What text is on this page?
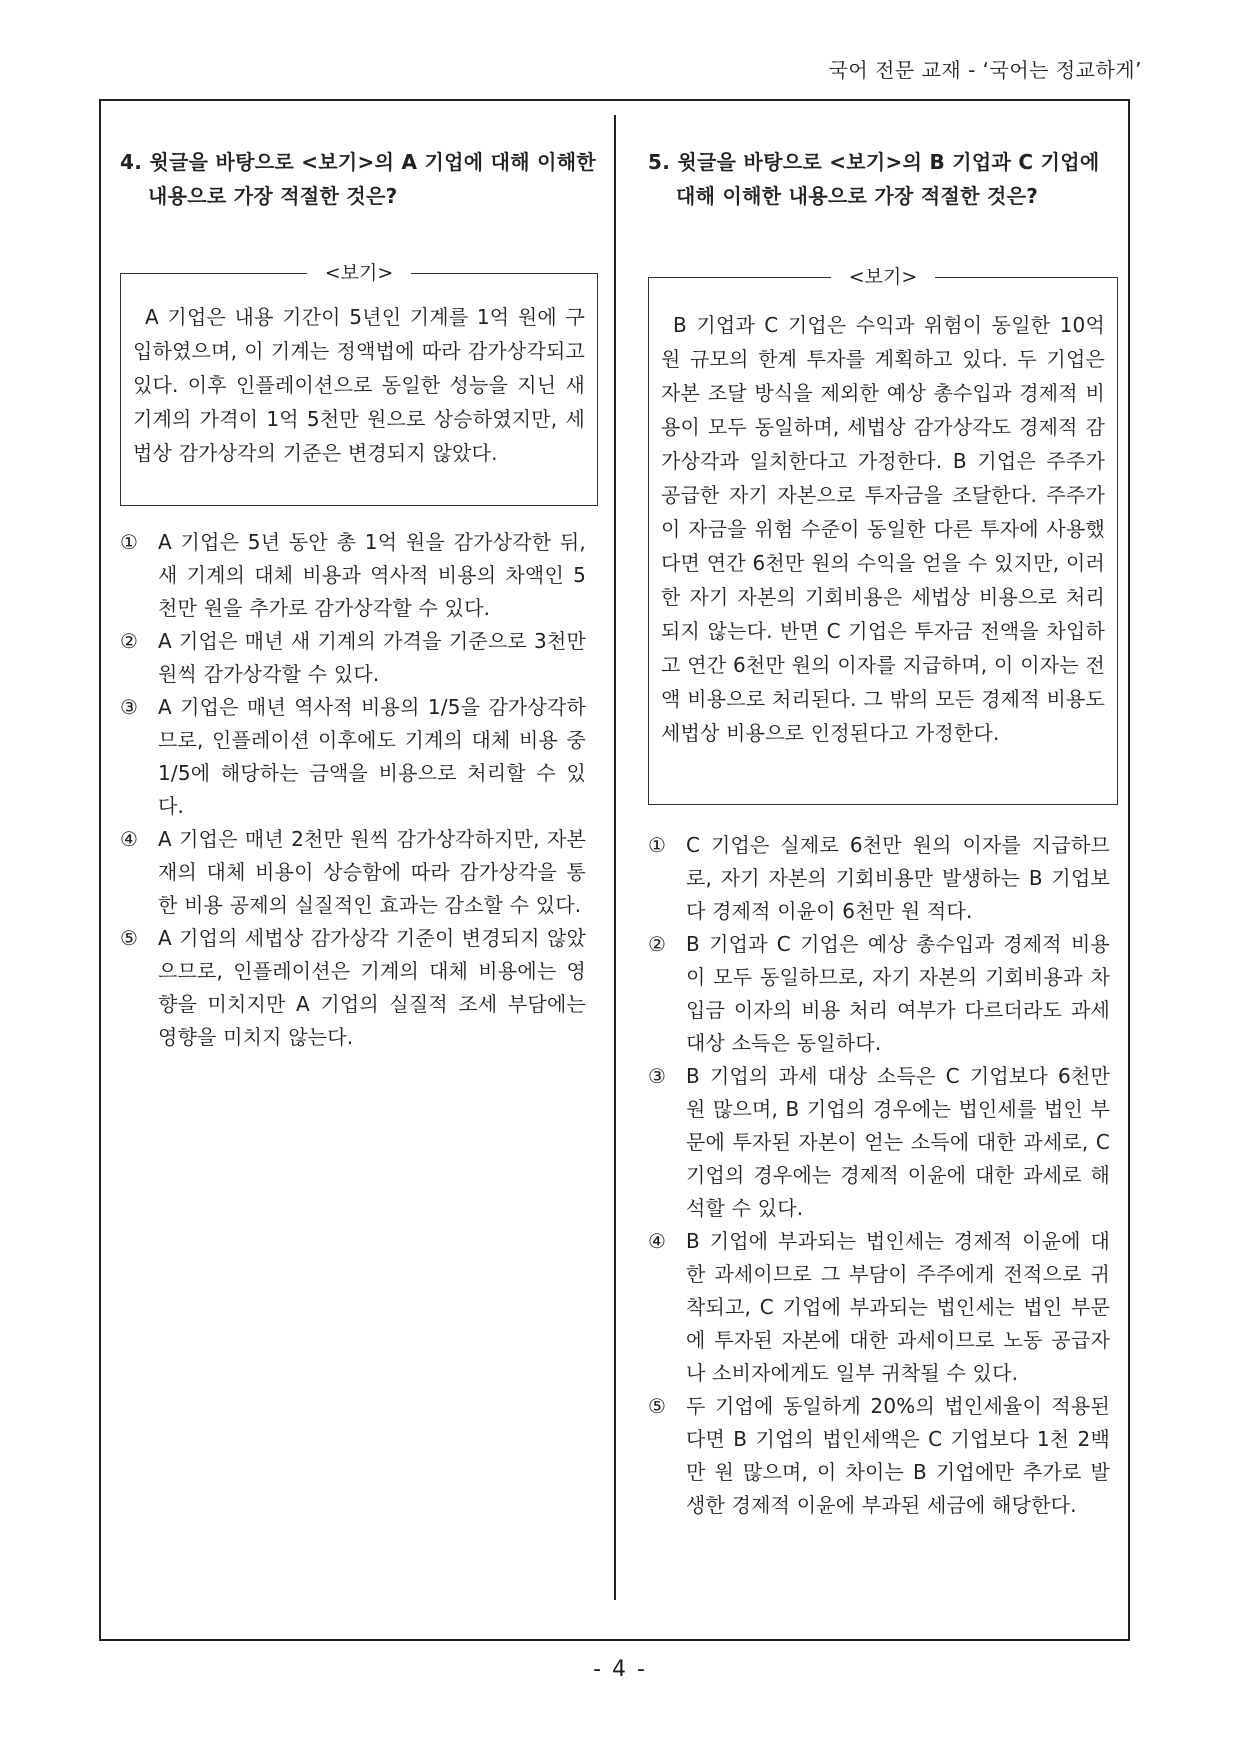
국어 전문 교재 - ‘국어는 정교하게’

4. 윗글을 바탕으로 <보기>의 A 기업에 대해 이해한 내용으로 가장 적절한 것은?

<보기>

A 기업은 내용 기간이 5년인 기계를 1억 원에 구입하였으며, 이 기계는 정액법에 따라 감가상각되고 있다. 이후 인플레이션으로 동일한 성능을 지닌 새 기계의 가격이 1억 5천만 원으로 상승하였지만, 세법상 감가상각의 기준은 변경되지 않았다.

① A 기업은 5년 동안 총 1억 원을 감가상각한 뒤, 새 기계의 대체 비용과 역사적 비용의 차액인 5천만 원을 추가로 감가상각할 수 있다.
② A 기업은 매년 새 기계의 가격을 기준으로 3천만 원씩 감가상각할 수 있다.
③ A 기업은 매년 역사적 비용의 1/5을 감가상각하므로, 인플레이션 이후에도 기계의 대체 비용 중 1/5에 해당하는 금액을 비용으로 처리할 수 있다.
④ A 기업은 매년 2천만 원씩 감가상각하지만, 자본재의 대체 비용이 상승함에 따라 감가상각을 통한 비용 공제의 실질적인 효과는 감소할 수 있다.
⑤ A 기업의 세법상 감가상각 기준이 변경되지 않았으므로, 인플레이션은 기계의 대체 비용에는 영향을 미치지만 A 기업의 실질적 조세 부담에는 영향을 미치지 않는다.

5. 윗글을 바탕으로 <보기>의 B 기업과 C 기업에 대해 이해한 내용으로 가장 적절한 것은?

<보기>

B 기업과 C 기업은 수익과 위험이 동일한 10억 원 규모의 한계 투자를 계획하고 있다. 두 기업은 자본 조달 방식을 제외한 예상 총수입과 경제적 비용이 모두 동일하며, 세법상 감가상각도 경제적 감가상각과 일치한다고 가정한다. B 기업은 주주가 공급한 자기 자본으로 투자금을 조달한다. 주주가 이 자금을 위험 수준이 동일한 다른 투자에 사용했다면 연간 6천만 원의 수익을 얻을 수 있지만, 이러한 자기 자본의 기회비용은 세법상 비용으로 처리되지 않는다. 반면 C 기업은 투자금 전액을 차입하고 연간 6천만 원의 이자를 지급하며, 이 이자는 전액 비용으로 처리된다. 그 밖의 모든 경제적 비용도 세법상 비용으로 인정된다고 가정한다.

① C 기업은 실제로 6천만 원의 이자를 지급하므로, 자기 자본의 기회비용만 발생하는 B 기업보다 경제적 이윤이 6천만 원 적다.
② B 기업과 C 기업은 예상 총수입과 경제적 비용이 모두 동일하므로, 자기 자본의 기회비용과 차입금 이자의 비용 처리 여부가 다르더라도 과세 대상 소득은 동일하다.
③ B 기업의 과세 대상 소득은 C 기업보다 6천만 원 많으며, B 기업의 경우에는 법인세를 법인 부문에 투자된 자본이 얻는 소득에 대한 과세로, C 기업의 경우에는 경제적 이윤에 대한 과세로 해석할 수 있다.
④ B 기업에 부과되는 법인세는 경제적 이윤에 대한 과세이므로 그 부담이 주주에게 전적으로 귀착되고, C 기업에 부과되는 법인세는 법인 부문에 투자된 자본에 대한 과세이므로 노동 공급자나 소비자에게도 일부 귀착될 수 있다.
⑤ 두 기업에 동일하게 20%의 법인세율이 적용된다면 B 기업의 법인세액은 C 기업보다 1천 2백만 원 많으며, 이 차이는 B 기업에만 추가로 발생한 경제적 이윤에 부과된 세금에 해당한다.
- 4 -
